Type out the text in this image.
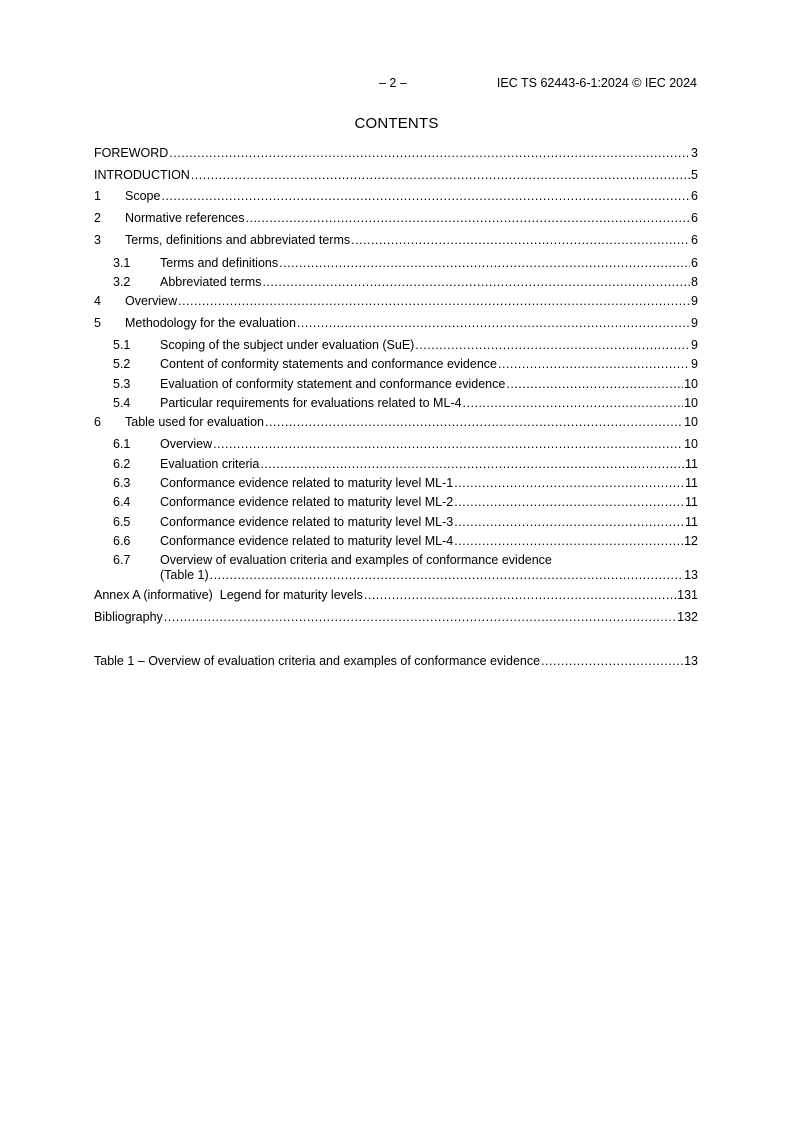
– 2 –	IEC TS 62443-6-1:2024 © IEC 2024
CONTENTS
FOREWORD .....	3
INTRODUCTION .....	5
1	Scope .....	6
2	Normative references .....	6
3	Terms, definitions and abbreviated terms .....	6
3.1	Terms and definitions .....	6
3.2	Abbreviated terms .....	8
4	Overview .....	9
5	Methodology for the evaluation .....	9
5.1	Scoping of the subject under evaluation (SuE) .....	9
5.2	Content of conformity statements and conformance evidence .....	9
5.3	Evaluation of conformity statement and conformance evidence .....	10
5.4	Particular requirements for evaluations related to ML-4 .....	10
6	Table used for evaluation .....	10
6.1	Overview .....	10
6.2	Evaluation criteria .....	11
6.3	Conformance evidence related to maturity level ML-1 .....	11
6.4	Conformance evidence related to maturity level ML-2 .....	11
6.5	Conformance evidence related to maturity level ML-3 .....	11
6.6	Conformance evidence related to maturity level ML-4 .....	12
6.7 Overview of evaluation criteria and examples of conformance evidence
(Table 1) .....	13
Annex A (informative)  Legend for maturity levels .....	131
Bibliography .....	132
Table 1 – Overview of evaluation criteria and examples of conformance evidence .....	13
